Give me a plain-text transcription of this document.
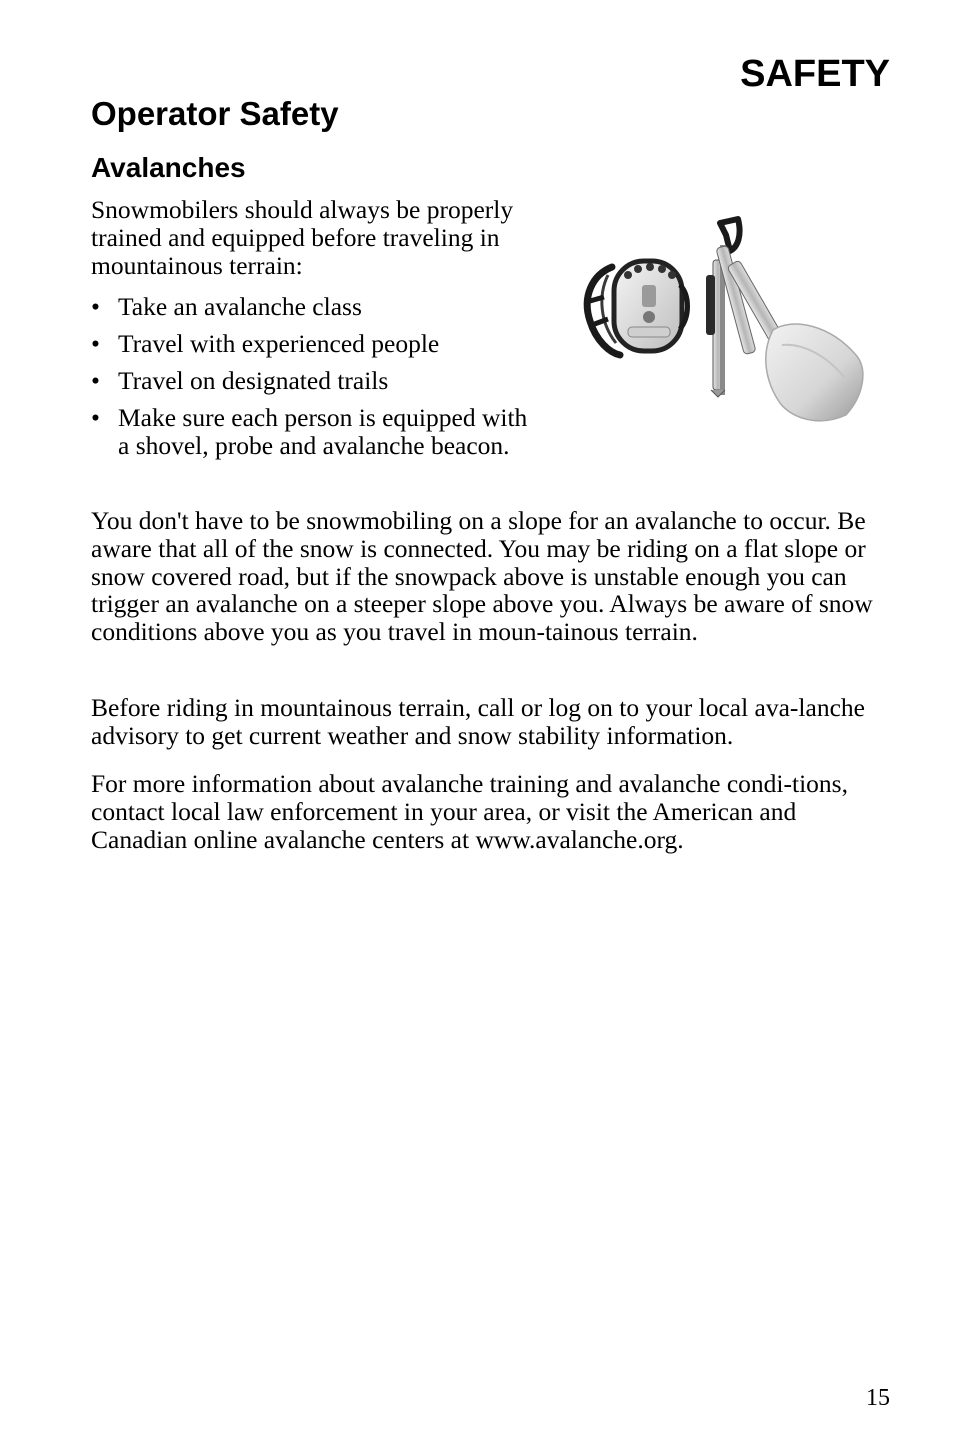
SAFETY
Operator Safety
Avalanches

Snowmobilers should always be properly trained and equipped before traveling in mountainous terrain:

• Take an avalanche class
• Travel with experienced people
• Travel on designated trails
• Make sure each person is equipped with a shovel, probe and avalanche beacon.

You don't have to be snowmobiling on a slope for an avalanche to occur. Be aware that all of the snow is connected. You may be riding on a flat slope or snow covered road, but if the snowpack above is unstable enough you can trigger an avalanche on a steeper slope above you. Always be aware of snow conditions above you as you travel in moun-tainous terrain.

Before riding in mountainous terrain, call or log on to your local ava-lanche advisory to get current weather and snow stability information.

For more information about avalanche training and avalanche condi-tions, contact local law enforcement in your area, or visit the American and Canadian online avalanche centers at www.avalanche.org.

15
